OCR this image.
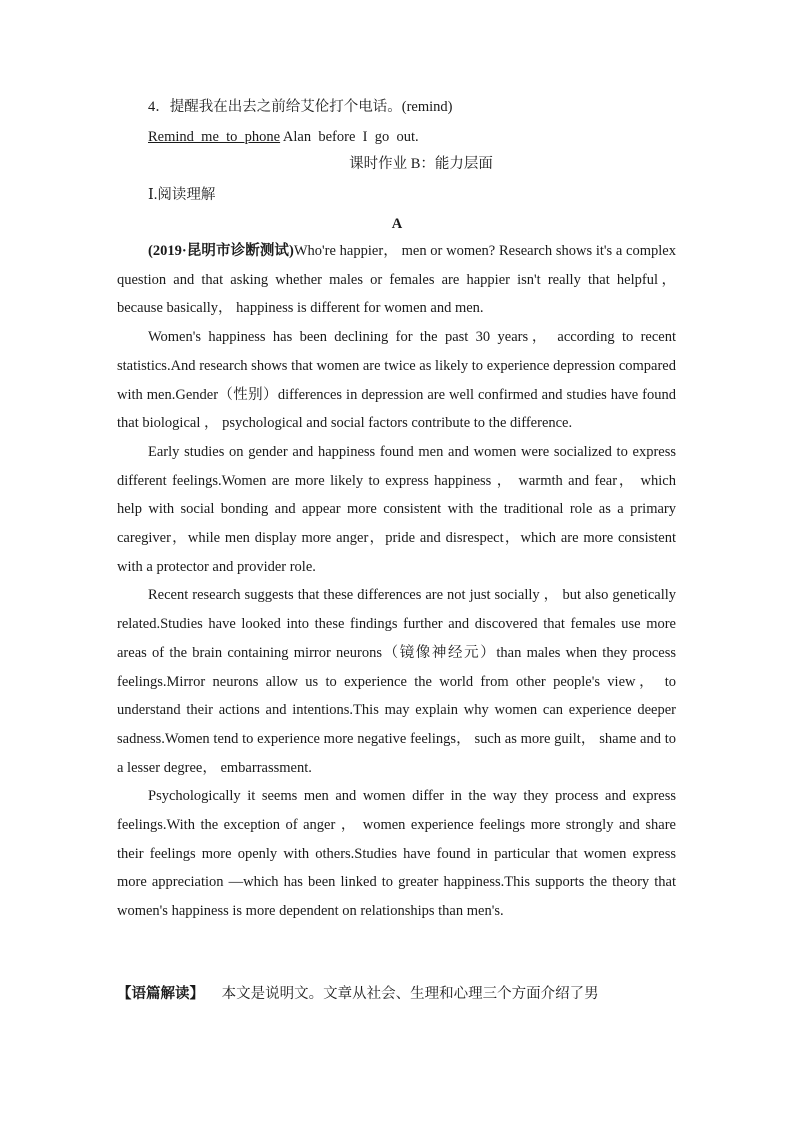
4．提醒我在出去之前给艾伦打个电话。(remind)
Remind  me  to  phone Alan  before  I  go  out.
课时作业 B：能力层面
Ⅰ.阅读理解
A

(2019·昆明市诊断测试)Who're happier， men or women? Research shows it's a complex question and that asking whether males or females are happier isn't really that helpful， because basically， happiness is different for women and men.

Women's happiness has been declining for the past 30 years， according to recent statistics.And research shows that women are twice as likely to experience depression compared with men.Gender（性别）differences in depression are well confirmed and studies have found that biological ， psychological and social factors contribute to the difference.

Early studies on gender and happiness found men and women were socialized to express different feelings.Women are more likely to express happiness ， warmth and fear， which help with social bonding and appear more consistent with the traditional role as a primary caregiver，while men display more anger，pride and disrespect，which are more consistent with a protector and provider role.

Recent research suggests that these differences are not just socially ， but also genetically related.Studies have looked into these findings further and discovered that females use more areas of the brain containing mirror neurons（镜像神经元）than males when they process feelings.Mirror neurons allow us to experience the world from other people's view， to understand their actions and intentions.This may explain why women can experience deeper sadness.Women tend to experience more negative feelings， such as more guilt， shame and to a lesser degree， embarrassment.

Psychologically it seems men and women differ in the way they process and express feelings.With the exception of anger ， women experience feelings more strongly and share their feelings more openly with others.Studies have found in particular that women express more appreciation —which has been linked to greater happiness.This supports the theory that women's happiness is more dependent on relationships than men's.

【语篇解读】 本文是说明文。文章从社会、生理和心理三个方面介绍了男
